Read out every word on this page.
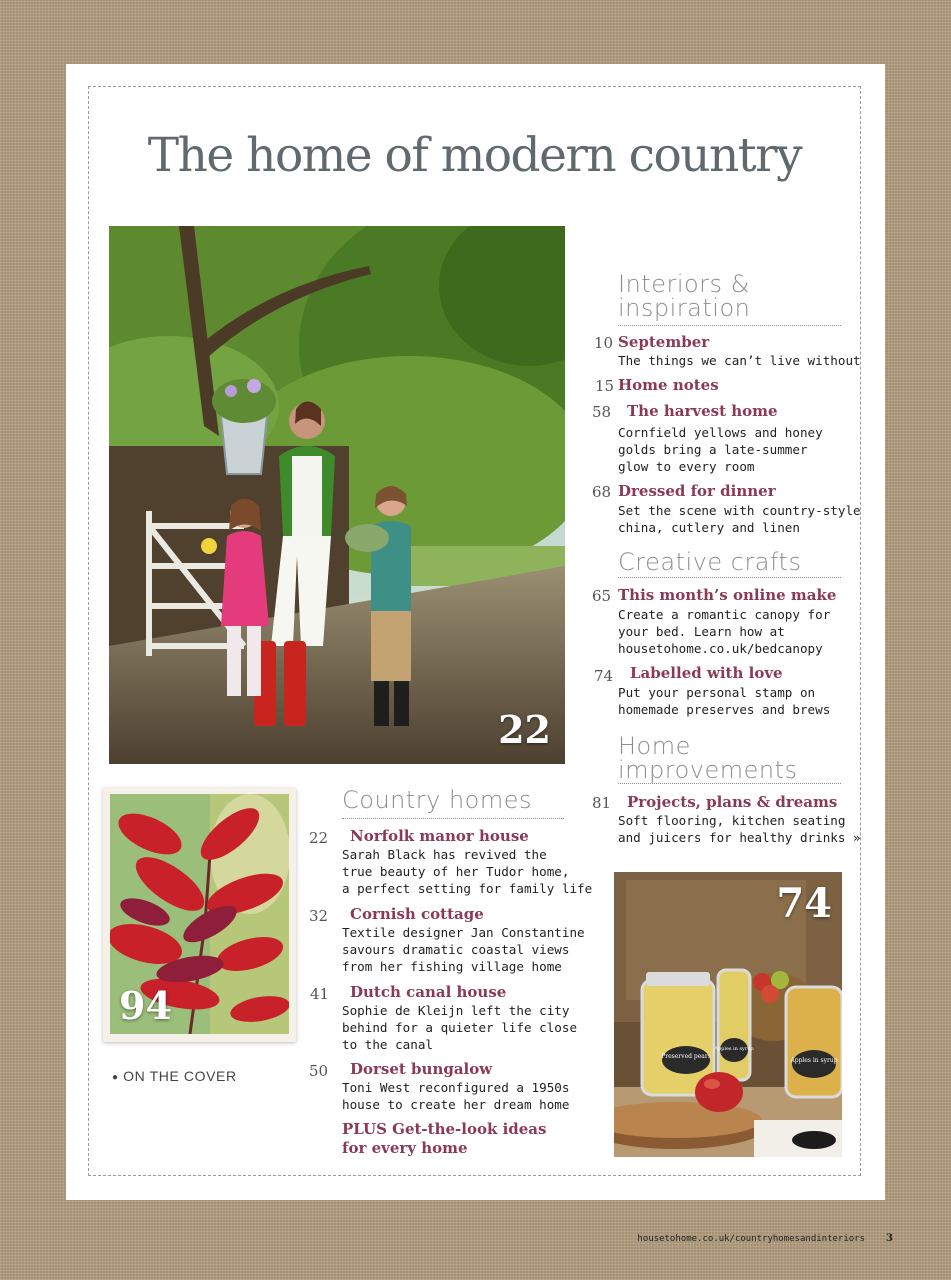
The home of modern country
22
94
● ON THE COVER
Preserved pears
Apples in syrup
Apples in syrup
74
Interiors &
inspiration
10 September
The things we can’t live without
15 Home notes
58 The harvest home
Cornfield yellows and honey
golds bring a late-summer
glow to every room
68 Dressed for dinner
Set the scene with country-style
china, cutlery and linen
Creative crafts
65 This month’s online make
Create a romantic canopy for
your bed. Learn how at
housetohome.co.uk/bedcanopy
74 Labelled with love
Put your personal stamp on
homemade preserves and brews
Home
improvements
81 Projects, plans & dreams
Soft flooring, kitchen seating
and juicers for healthy drinks »
Country homes
22 Norfolk manor house
Sarah Black has revived the
true beauty of her Tudor home,
a perfect setting for family life
32 Cornish cottage
Textile designer Jan Constantine
savours dramatic coastal views
from her fishing village home
41 Dutch canal house
Sophie de Kleijn left the city
behind for a quieter life close
to the canal
50 Dorset bungalow
Toni West reconfigured a 1950s
house to create her dream home
PLUS Get-the-look ideas
for every home
housetohome.co.uk/countryhomesandinteriors 3
